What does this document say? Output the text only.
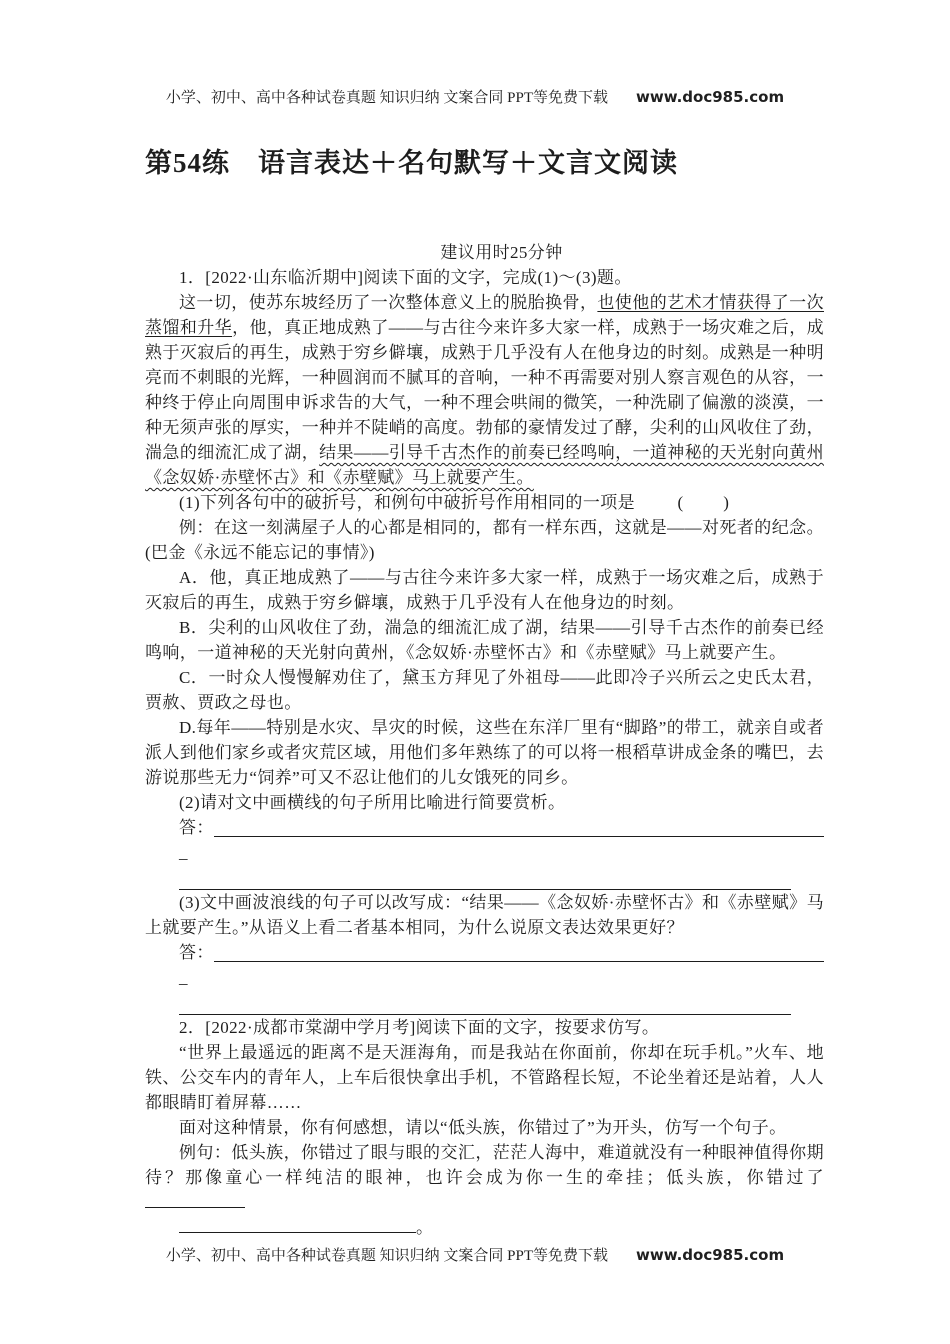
小学、初中、高中各种试卷真题 知识归纳 文案合同 PPT等免费下载 www.doc985.com
第54练　语言表达＋名句默写＋文言文阅读

建议用时25分钟

1．[2022·山东临沂期中]阅读下面的文字，完成(1)～(3)题。

这一切，使苏东坡经历了一次整体意义上的脱胎换骨，也使他的艺术才情获得了一次蒸馏和升华，他，真正地成熟了——与古往今来许多大家一样，成熟于一场灾难之后，成熟于灭寂后的再生，成熟于穷乡僻壤，成熟于几乎没有人在他身边的时刻。成熟是一种明亮而不刺眼的光辉，一种圆润而不腻耳的音响，一种不再需要对别人察言观色的从容，一种终于停止向周围申诉求告的大气，一种不理会哄闹的微笑，一种洗刷了偏激的淡漠，一种无须声张的厚实，一种并不陡峭的高度。勃郁的豪情发过了酵，尖利的山风收住了劲，湍急的细流汇成了湖，结果——引导千古杰作的前奏已经鸣响，一道神秘的天光射向黄州《念奴娇·赤壁怀古》和《赤壁赋》马上就要产生。

(1)下列各句中的破折号，和例句中破折号作用相同的一项是	(　　)

例：在这一刻满屋子人的心都是相同的，都有一样东西，这就是——对死者的纪念。(巴金《永远不能忘记的事情》)

A．他，真正地成熟了——与古往今来许多大家一样，成熟于一场灾难之后，成熟于灭寂后的再生，成熟于穷乡僻壤，成熟于几乎没有人在他身边的时刻。

B．尖利的山风收住了劲，湍急的细流汇成了湖，结果——引导千古杰作的前奏已经鸣响，一道神秘的天光射向黄州，《念奴娇·赤壁怀古》和《赤壁赋》马上就要产生。

C．一时众人慢慢解劝住了，黛玉方拜见了外祖母——此即冷子兴所云之史氏太君，贾赦、贾政之母也。

D.每年——特别是水灾、旱灾的时候，这些在东洋厂里有“脚路”的带工，就亲自或者派人到他们家乡或者灾荒区域，用他们多年熟练了的可以将一根稻草讲成金条的嘴巴，去游说那些无力“饲养”可又不忍让他们的儿女饿死的同乡。

(2)请对文中画横线的句子所用比喻进行简要赏析。

答：

_

(3)文中画波浪线的句子可以改写成：“结果——《念奴娇·赤壁怀古》和《赤壁赋》马上就要产生。”从语义上看二者基本相同，为什么说原文表达效果更好？

答：

_

2．[2022·成都市棠湖中学月考]阅读下面的文字，按要求仿写。

“世界上最遥远的距离不是天涯海角，而是我站在你面前，你却在玩手机。”火车、地铁、公交车内的青年人，上车后很快拿出手机，不管路程长短，不论坐着还是站着，人人都眼睛盯着屏幕……

面对这种情景，你有何感想，请以“低头族，你错过了”为开头，仿写一个句子。

例句：低头族，你错过了眼与眼的交汇，茫茫人海中，难道就没有一种眼神值得你期待？那像童心一样纯洁的眼神，也许会成为你一生的牵挂；低头族，你错过了

。

小学、初中、高中各种试卷真题 知识归纳 文案合同 PPT等免费下载 www.doc985.com
